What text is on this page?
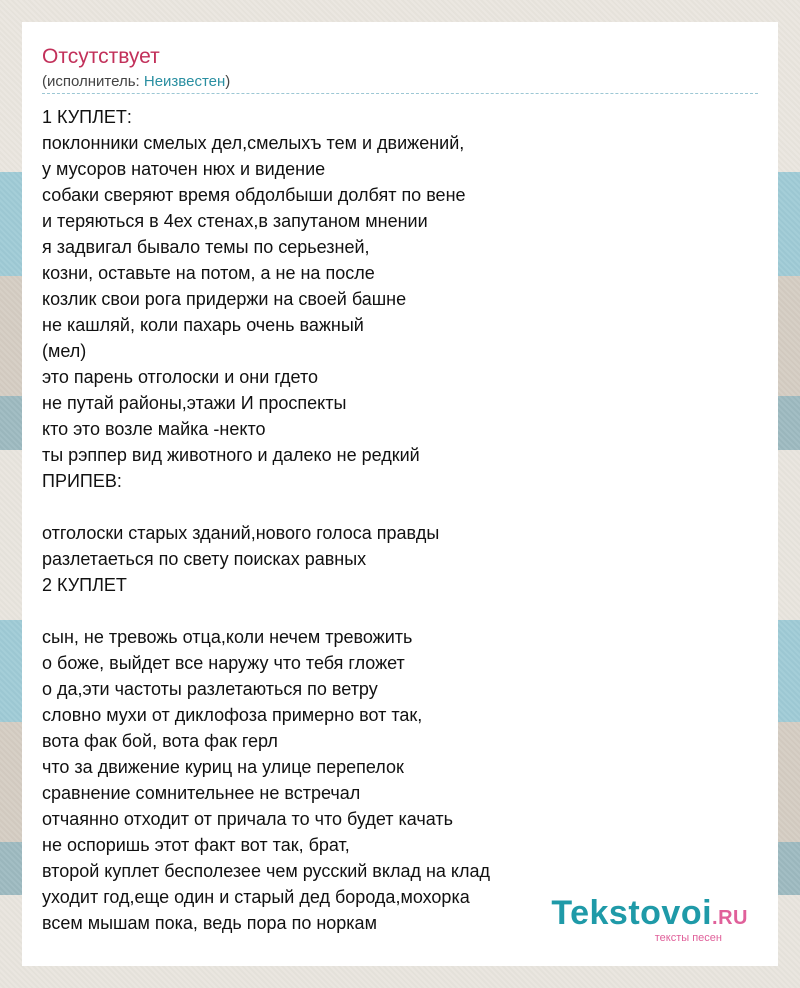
Отсутствует
(исполнитель: Неизвестен)
1 КУПЛЕТ:
поклонники смелых дел,смелыхъ тем и движений,
у мусоров наточен нюх и видение
собаки сверяют время обдолбыши долбят по вене
и теряються в 4ех стенах,в запутаном мнении
я задвигал бывало темы по серьезней,
козни, оставьте на потом, а не на после
козлик свои рога придержи на своей башне
не кашляй, коли пахарь очень важный
(мел)
это парень отголоски и они гдето
не путай районы,этажи И проспекты
кто это возле майка -некто
ты рэппер вид животного и далеко не редкий
ПРИПЕВ:
отголоски старых зданий,нового голоса правды
разлетаеться по свету поисках равных
2 КУПЛЕТ
сын, не тревожь отца,коли нечем тревожить
о боже, выйдет все наружу что тебя гложет
о да,эти частоты разлетаються по ветру
словно мухи от диклофоза примерно вот так,
вота фак бой, вота фак герл
что за движение куриц на улице перепелок
сравнение сомнительнее не встречал
отчаянно отходит от причала то что будет качать
не оспоришь этот факт вот так, брат,
второй куплет бесполезее чем русский вклад на клад
уходит год,еще один и старый дед борода,мохорка
всем мышам пока, ведь пора по норкам	Tekstovoi.RU
тексты песен
